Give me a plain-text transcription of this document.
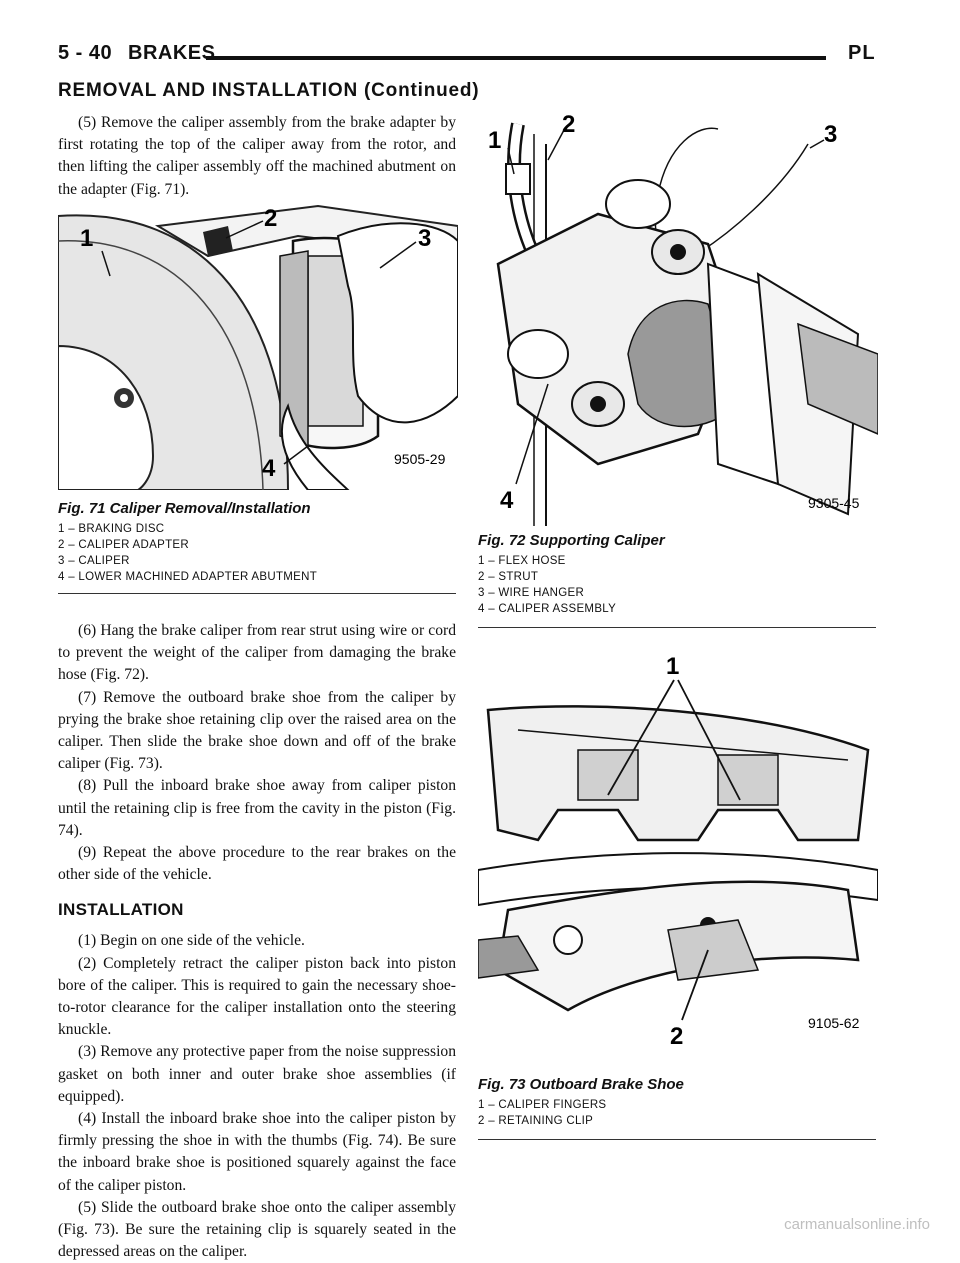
5 - 40 BRAKES	PL
REMOVAL AND INSTALLATION (Continued)

(5) Remove the caliper assembly from the brake adapter by first rotating the top of the caliper away from the rotor, and then lifting the caliper assembly off the machined abutment on the adapter (Fig. 71).

1
2
3
4	9505-29

Fig. 71 Caliper Removal/Installation

1 – BRAKING DISC

2 – CALIPER ADAPTER

3 – CALIPER

4 – LOWER MACHINED ADAPTER ABUTMENT

(6) Hang the brake caliper from rear strut using wire or cord to prevent the weight of the caliper from damaging the brake hose (Fig. 72).

(7) Remove the outboard brake shoe from the caliper by prying the brake shoe retaining clip over the raised area on the caliper. Then slide the brake shoe down and off of the brake caliper (Fig. 73).

(8) Pull the inboard brake shoe away from caliper piston until the retaining clip is free from the cavity in the piston (Fig. 74).

(9) Repeat the above procedure to the rear brakes on the other side of the vehicle.

INSTALLATION

(1) Begin on one side of the vehicle.

(2) Completely retract the caliper piston back into piston bore of the caliper. This is required to gain the necessary shoe-to-rotor clearance for the caliper installation onto the steering knuckle.

(3) Remove any protective paper from the noise suppression gasket on both inner and outer brake shoe assemblies (if equipped).

(4) Install the inboard brake shoe into the caliper piston by firmly pressing the shoe in with the thumbs (Fig. 74). Be sure the inboard brake shoe is positioned squarely against the face of the caliper piston.

(5) Slide the outboard brake shoe onto the caliper assembly (Fig. 73). Be sure the retaining clip is squarely seated in the depressed areas on the caliper.

1
2	3
4	9305-45

Fig. 72 Supporting Caliper

1 – FLEX HOSE

2 – STRUT

3 – WIRE HANGER

4 – CALIPER ASSEMBLY

1
2	9105-62

Fig. 73 Outboard Brake Shoe

1 – CALIPER FINGERS

2 – RETAINING CLIP

carmanualsonline.info
